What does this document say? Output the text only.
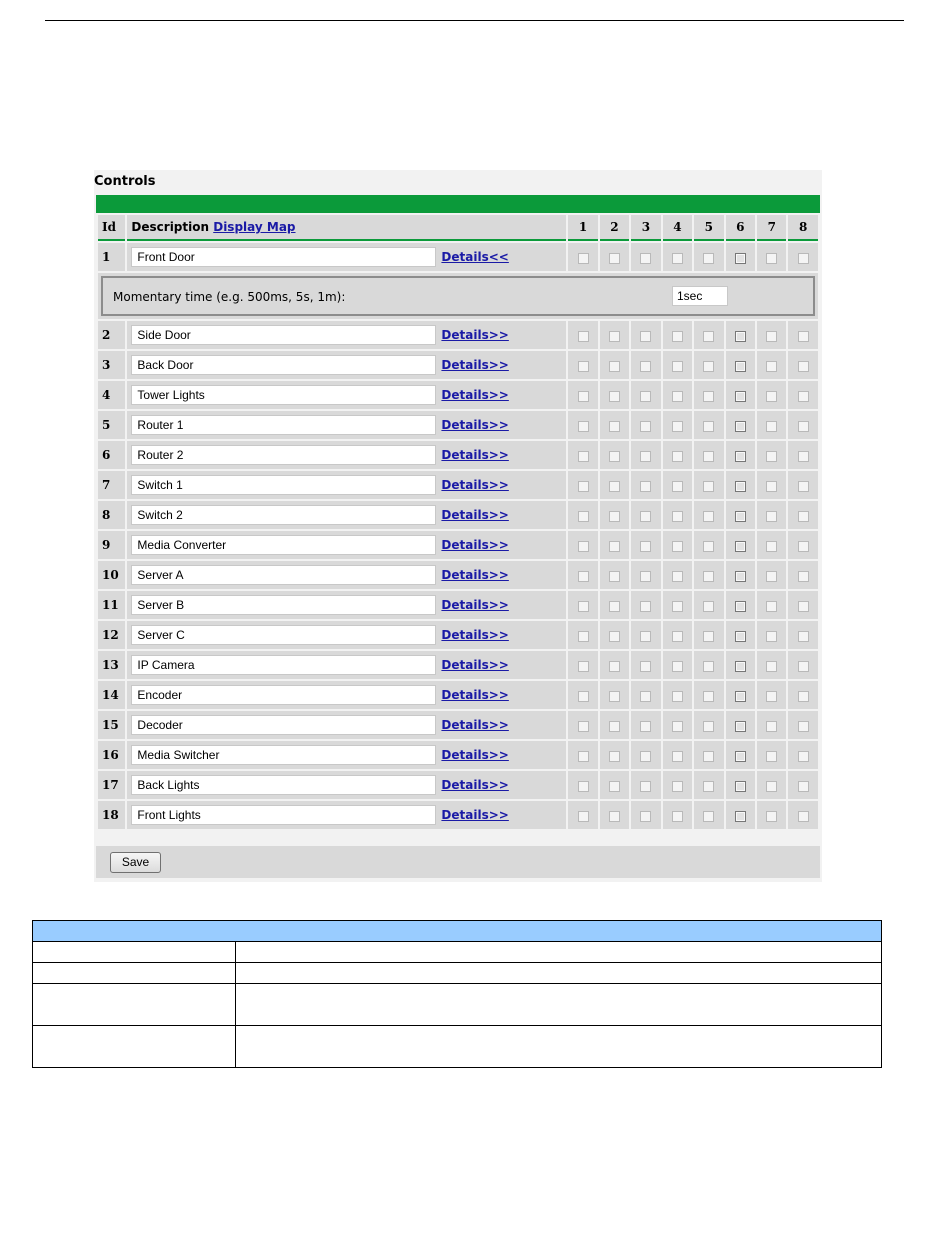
Controls
Id	Description Display Map	1	2	3	4	5	6	7	8
1	Front Door Details<<								

Momentary time (e.g. 500ms, 5s, 1m): 1sec									

2	Side Door Details>>								

3	Back Door Details>>								

4	Tower Lights Details>>								

5	Router 1 Details>>								

6	Router 2 Details>>								

7	Switch 1 Details>>								

8	Switch 2 Details>>								

9	Media Converter Details>>								

10	Server A Details>>								

11	Server B Details>>								

12	Server C Details>>								

13	IP Camera Details>>								

14	Encoder Details>>								

15	Decoder Details>>								

16	Media Switcher Details>>								

17	Back Lights Details>>								

18	Front Lights Details>>								

Save
